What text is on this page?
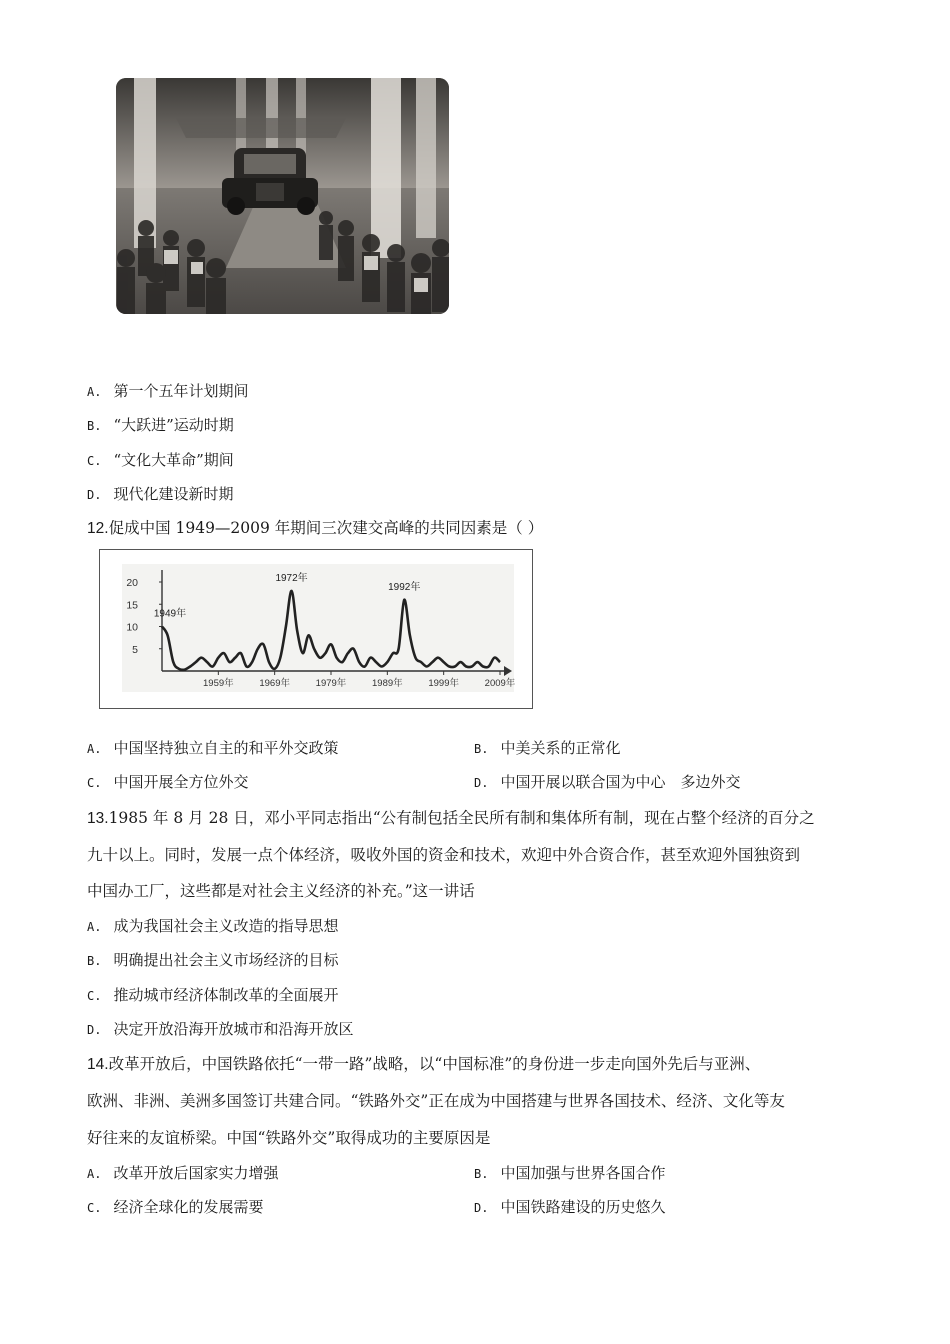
A. 第一个五年计划期间
B. “大跃进”运动时期
C. “文化大革命”期间
D. 现代化建设新时期
12.促成中国 1949—2009 年期间三次建交高峰的共同因素是（ ）
20
15
10
5
1959年	1969年	1979年	1989年	1999年	2009年
1949年
1972年
1992年
A. 中国坚持独立自主的和平外交政策	B. 中美关系的正常化
C. 中国开展全方位外交	D. 中国开展以联合国为中心　多边外交
13.1985 年 8 月 28 日，邓小平同志指出“公有制包括全民所有制和集体所有制，现在占整个经济的百分之
九十以上。同时，发展一点个体经济，吸收外国的资金和技术，欢迎中外合资合作，甚至欢迎外国独资到
中国办工厂，这些都是对社会主义经济的补充。”这一讲话
A. 成为我国社会主义改造的指导思想
B. 明确提出社会主义市场经济的目标
C. 推动城市经济体制改革的全面展开
D. 决定开放沿海开放城市和沿海开放区
14.改革开放后，中国铁路依托“一带一路”战略，以“中国标准”的身份进一步走向国外先后与亚洲、
欧洲、非洲、美洲多国签订共建合同。“铁路外交”正在成为中国搭建与世界各国技术、经济、文化等友
好往来的友谊桥梁。中国“铁路外交”取得成功的主要原因是
A. 改革开放后国家实力增强	B. 中国加强与世界各国合作
C. 经济全球化的发展需要	D. 中国铁路建设的历史悠久
